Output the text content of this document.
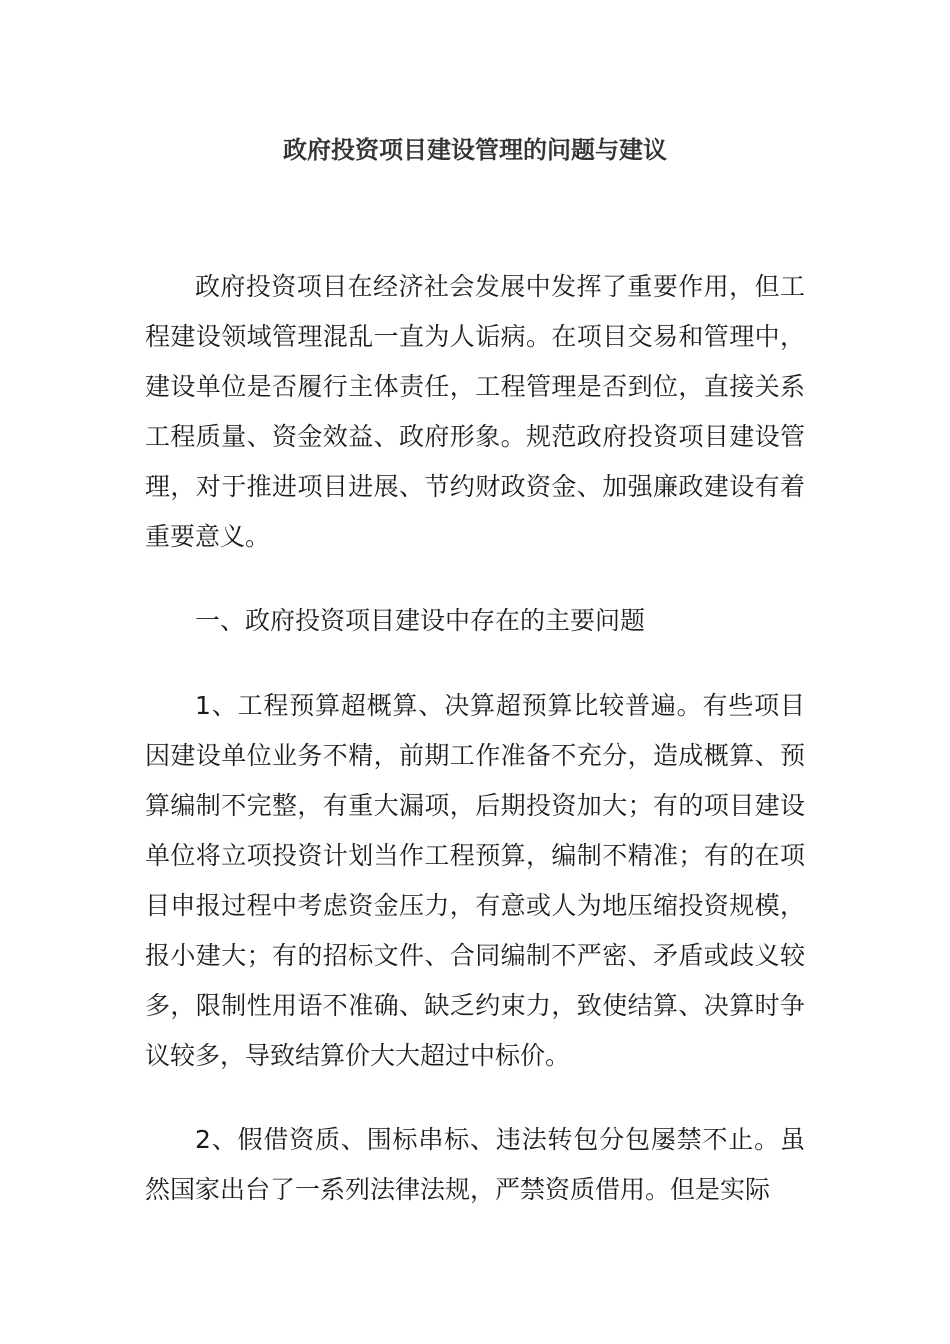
政府投资项目建设管理的问题与建议

政府投资项目在经济社会发展中发挥了重要作用，但工程建设领域管理混乱一直为人诟病。在项目交易和管理中，建设单位是否履行主体责任，工程管理是否到位，直接关系工程质量、资金效益、政府形象。规范政府投资项目建设管理，对于推进项目进展、节约财政资金、加强廉政建设有着重要意义。

一、政府投资项目建设中存在的主要问题

1、工程预算超概算、决算超预算比较普遍。有些项目因建设单位业务不精，前期工作准备不充分，造成概算、预算编制不完整，有重大漏项，后期投资加大；有的项目建设单位将立项投资计划当作工程预算，编制不精准；有的在项目申报过程中考虑资金压力，有意或人为地压缩投资规模，报小建大；有的招标文件、合同编制不严密、矛盾或歧义较多，限制性用语不准确、缺乏约束力，致使结算、决算时争议较多，导致结算价大大超过中标价。

2、假借资质、围标串标、违法转包分包屡禁不止。虽然国家出台了一系列法律法规，严禁资质借用。但是实际
